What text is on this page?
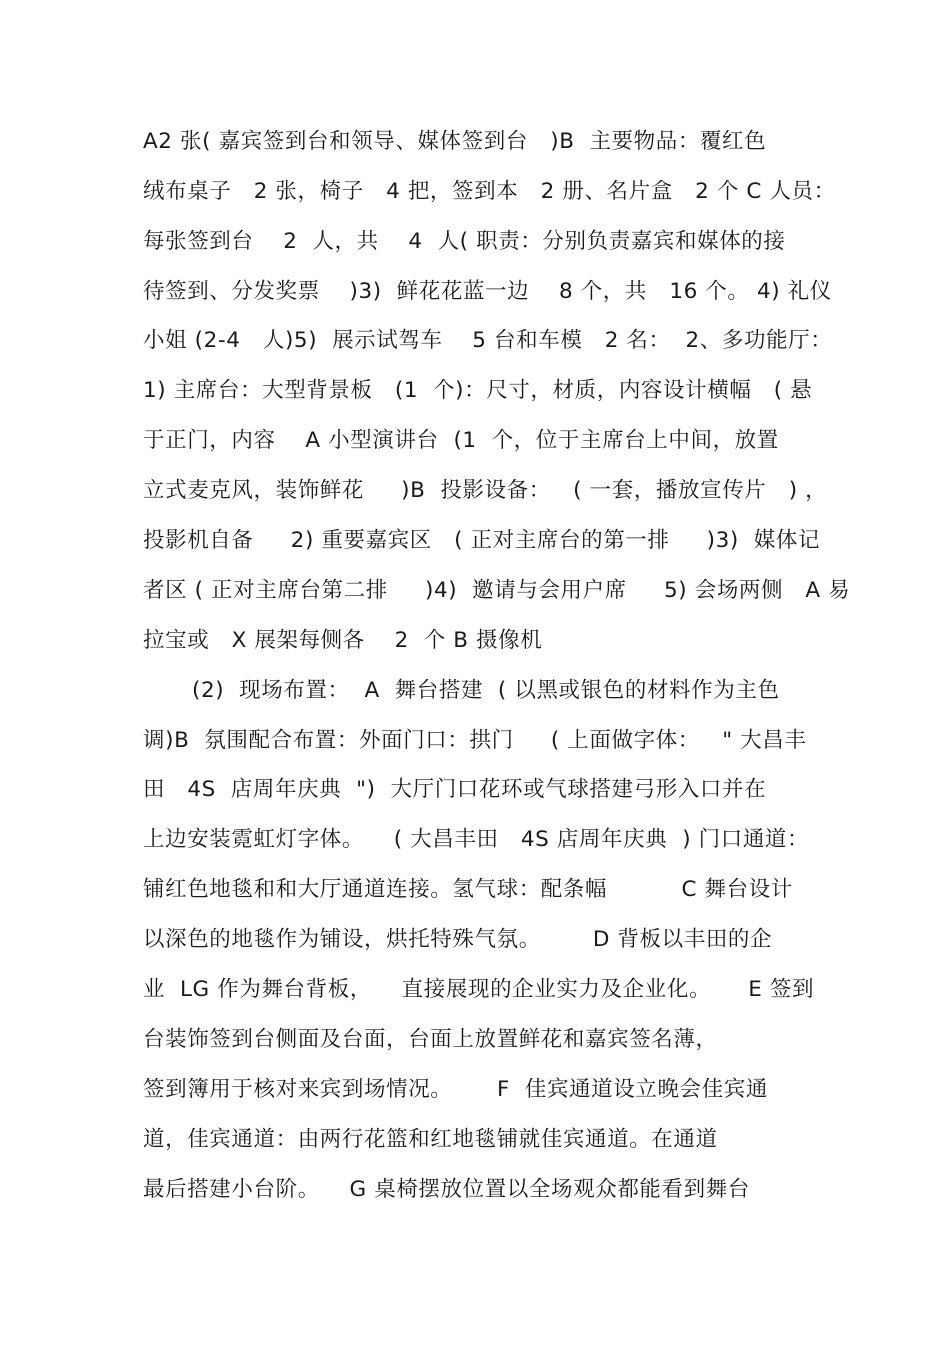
A2 张( 嘉宾签到台和领导、媒体签到台   )B  主要物品：覆红色
绒布桌子   2 张，椅子   4 把，签到本   2 册、名片盒   2 个 C 人员：
每张签到台    2  人，共    4  人( 职责：分别负责嘉宾和媒体的接
待签到、分发奖票    )3)  鲜花花蓝一边    8 个，共   16 个。 4) 礼仪
小姐 (2-4   人)5)  展示试驾车    5 台和车模   2 名：  2、多功能厅：
1) 主席台：大型背景板   (1  个)：尺寸，材质，内容设计横幅   ( 悬
于正门，内容    A 小型演讲台  (1  个，位于主席台上中间，放置
立式麦克风，装饰鲜花     )B  投影设备：   ( 一套，播放宣传片   ) ，
投影机自备     2) 重要嘉宾区   ( 正对主席台的第一排     )3)  媒体记
者区 ( 正对主席台第二排     )4)  邀请与会用户席     5) 会场两侧   A 易
拉宝或   X 展架每侧各    2  个 B 摄像机
(2)  现场布置：  A  舞台搭建  ( 以黑或银色的材料作为主色
调)B  氛围配合布置：外面门口：拱门     ( 上面做字体：   " 大昌丰
田   4S  店周年庆典  ")  大厅门口花环或气球搭建弓形入口并在
上边安装霓虹灯字体。    ( 大昌丰田   4S 店周年庆典  ) 门口通道：
铺红色地毯和和大厅通道连接。氢气球：配条幅          C 舞台设计
以深色的地毯作为铺设，烘托特殊气氛。       D 背板以丰田的企
业  LG 作为舞台背板，    直接展现的企业实力及企业化。     E 签到
台装饰签到台侧面及台面，台面上放置鲜花和嘉宾签名薄，
签到簿用于核对来宾到场情况。      F  佳宾通道设立晚会佳宾通
道，佳宾通道：由两行花篮和红地毯铺就佳宾通道。在通道
最后搭建小台阶。    G 桌椅摆放位置以全场观众都能看到舞台
